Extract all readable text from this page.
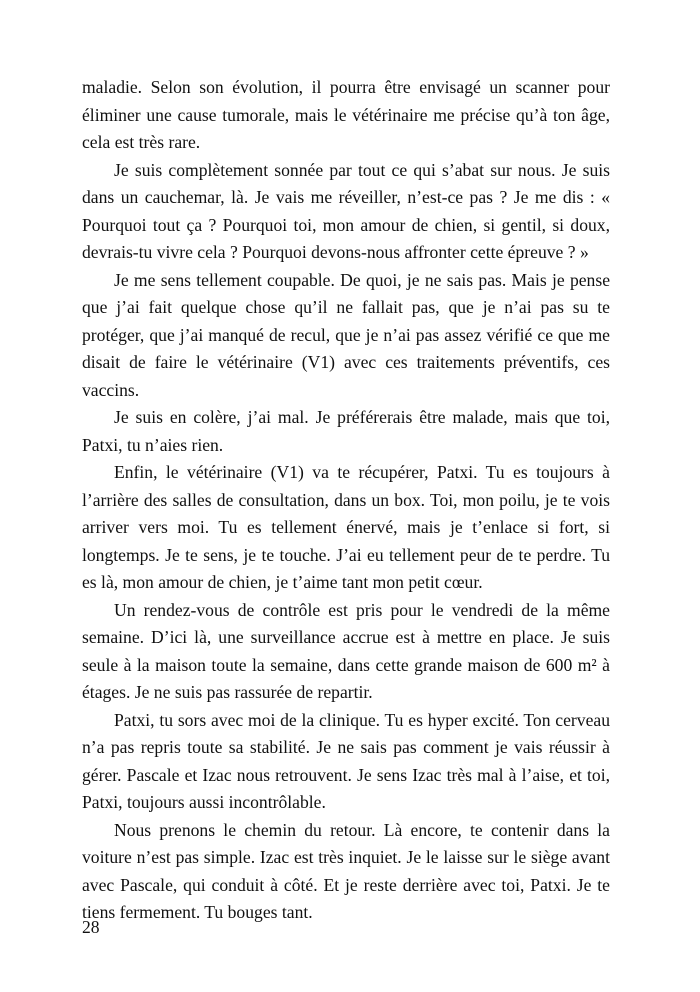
maladie. Selon son évolution, il pourra être envisagé un scanner pour éliminer une cause tumorale, mais le vétérinaire me précise qu’à ton âge, cela est très rare.

Je suis complètement sonnée par tout ce qui s’abat sur nous. Je suis dans un cauchemar, là. Je vais me réveiller, n’est-ce pas ? Je me dis : « Pourquoi tout ça ? Pourquoi toi, mon amour de chien, si gentil, si doux, devrais-tu vivre cela ? Pourquoi devons-nous affronter cette épreuve ? »

Je me sens tellement coupable. De quoi, je ne sais pas. Mais je pense que j’ai fait quelque chose qu’il ne fallait pas, que je n’ai pas su te protéger, que j’ai manqué de recul, que je n’ai pas assez vérifié ce que me disait de faire le vétérinaire (V1) avec ces traitements préventifs, ces vaccins.

Je suis en colère, j’ai mal. Je préférerais être malade, mais que toi, Patxi, tu n’aies rien.

Enfin, le vétérinaire (V1) va te récupérer, Patxi. Tu es toujours à l’arrière des salles de consultation, dans un box. Toi, mon poilu, je te vois arriver vers moi. Tu es tellement énervé, mais je t’enlace si fort, si longtemps. Je te sens, je te touche. J’ai eu tellement peur de te perdre. Tu es là, mon amour de chien, je t’aime tant mon petit cœur.

Un rendez-vous de contrôle est pris pour le vendredi de la même semaine. D’ici là, une surveillance accrue est à mettre en place. Je suis seule à la maison toute la semaine, dans cette grande maison de 600 m² à étages. Je ne suis pas rassurée de repartir.

Patxi, tu sors avec moi de la clinique. Tu es hyper excité. Ton cerveau n’a pas repris toute sa stabilité. Je ne sais pas comment je vais réussir à gérer. Pascale et Izac nous retrouvent. Je sens Izac très mal à l’aise, et toi, Patxi, toujours aussi incontrôlable.

Nous prenons le chemin du retour. Là encore, te contenir dans la voiture n’est pas simple. Izac est très inquiet. Je le laisse sur le siège avant avec Pascale, qui conduit à côté. Et je reste derrière avec toi, Patxi. Je te tiens fermement. Tu bouges tant.

28
